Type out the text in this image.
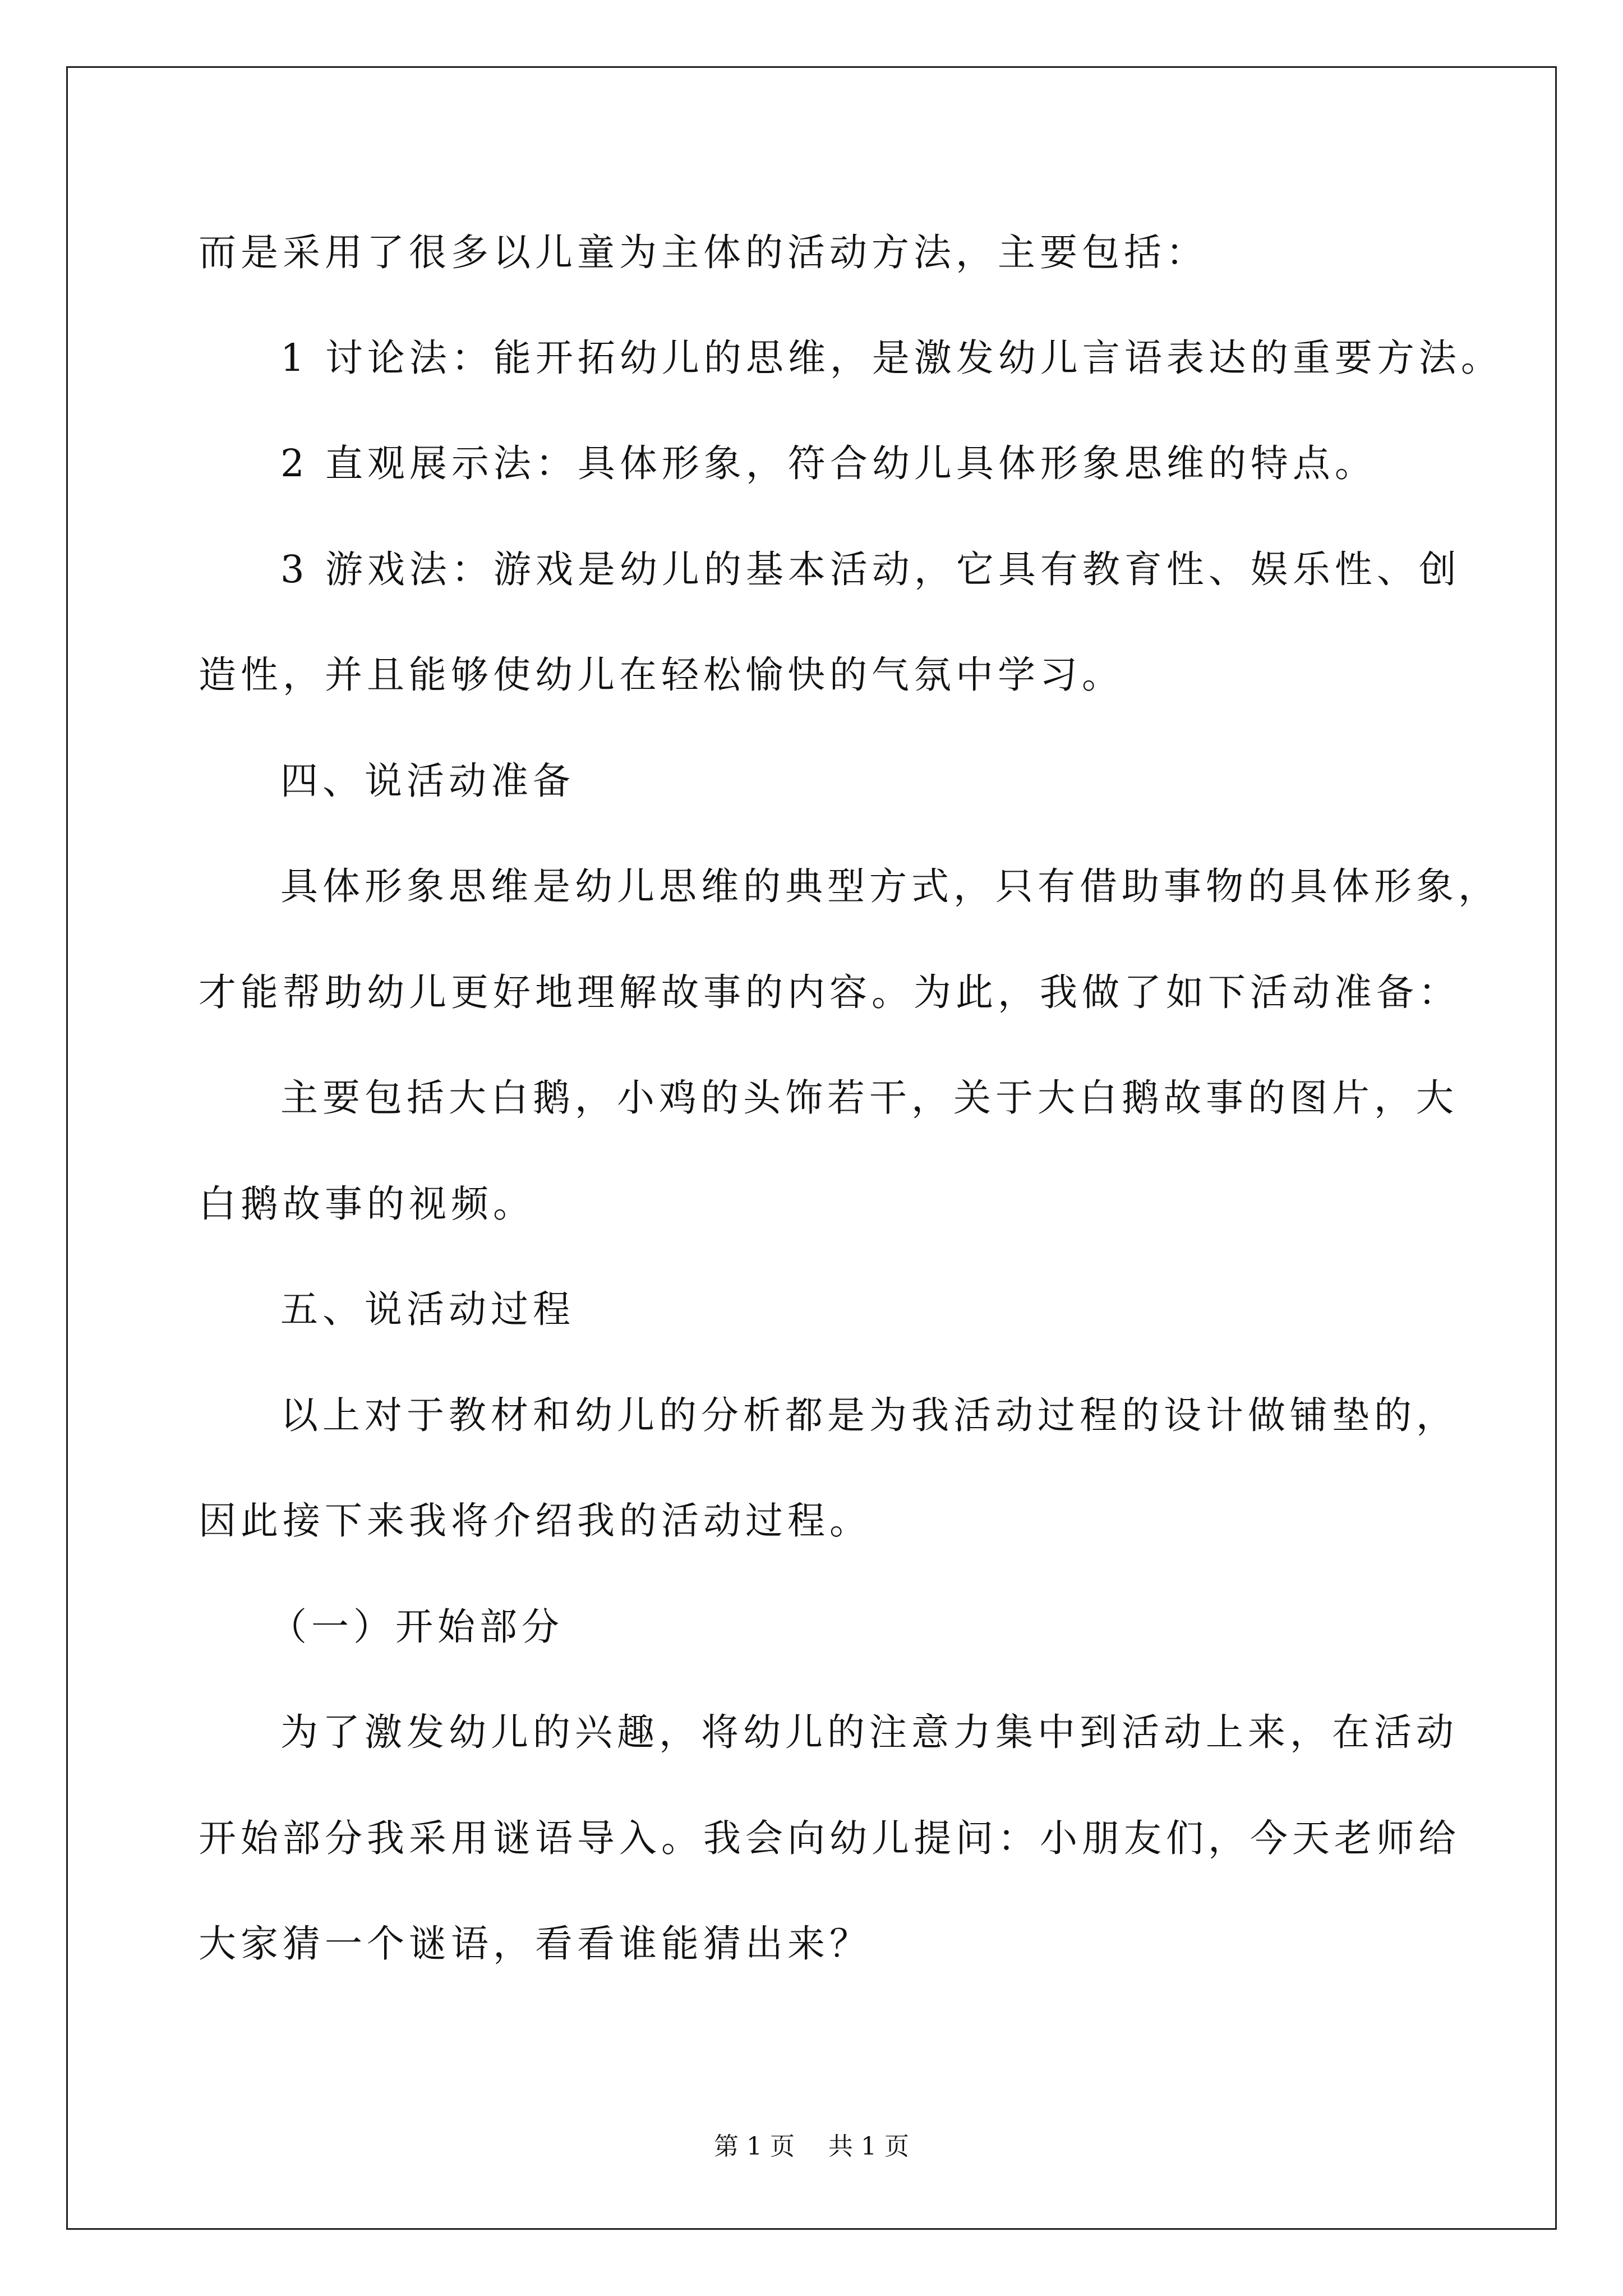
而是采用了很多以儿童为主体的活动方法，主要包括：
1 讨论法：能开拓幼儿的思维，是激发幼儿言语表达的重要方法。
2 直观展示法：具体形象，符合幼儿具体形象思维的特点。
3 游戏法：游戏是幼儿的基本活动，它具有教育性、娱乐性、创
造性，并且能够使幼儿在轻松愉快的气氛中学习。
四、说活动准备
具体形象思维是幼儿思维的典型方式，只有借助事物的具体形象，
才能帮助幼儿更好地理解故事的内容。为此，我做了如下活动准备：
主要包括大白鹅，小鸡的头饰若干，关于大白鹅故事的图片，大
白鹅故事的视频。
五、说活动过程
以上对于教材和幼儿的分析都是为我活动过程的设计做铺垫的，
因此接下来我将介绍我的活动过程。
（一）开始部分
为了激发幼儿的兴趣，将幼儿的注意力集中到活动上来，在活动
开始部分我采用谜语导入。我会向幼儿提问：小朋友们，今天老师给
大家猜一个谜语，看看谁能猜出来？
第 1 页 共 1 页
